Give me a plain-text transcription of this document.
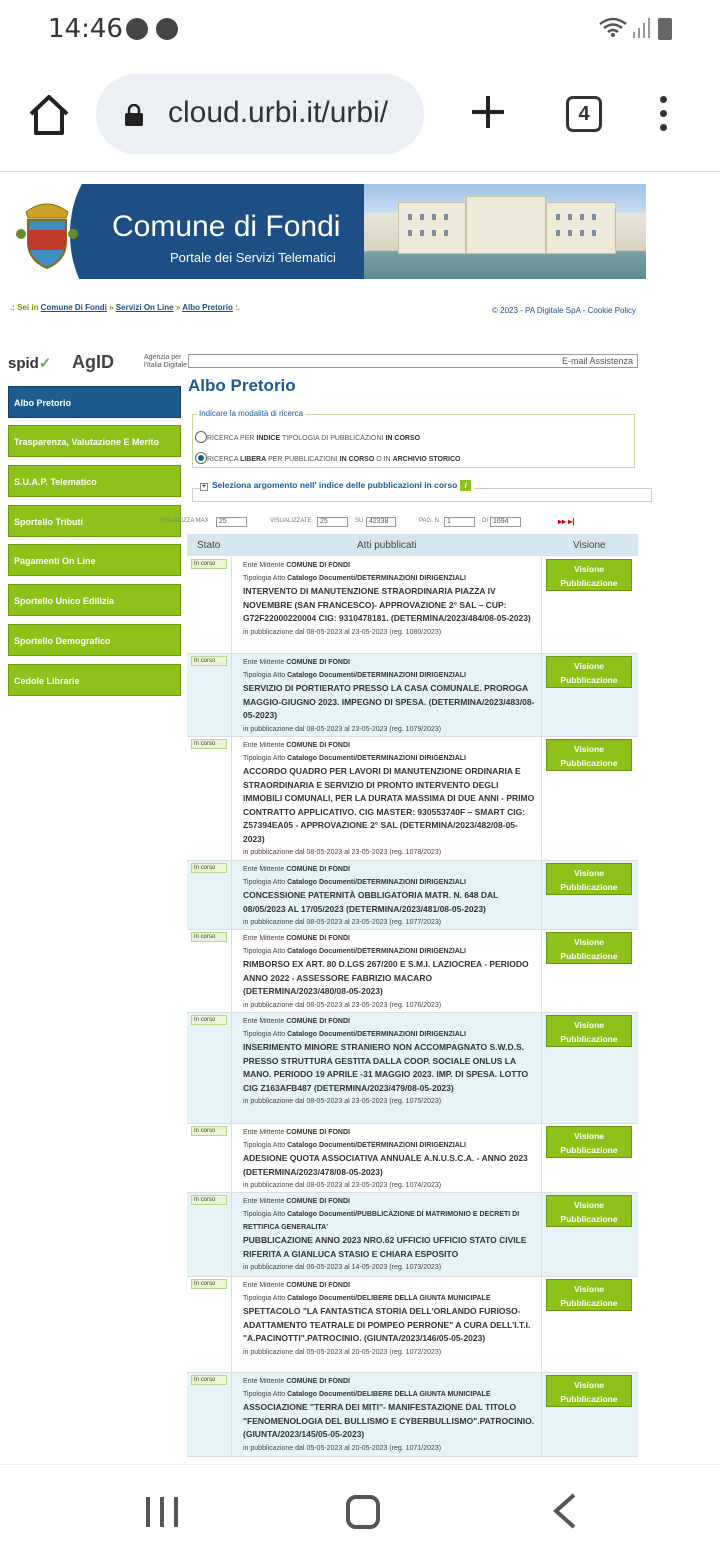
14:46
cloud.urbi.it/urbi/	4
Comune di Fondi
Portale dei Servizi Telematici
.: Sei in Comune Di Fondi » Servizi On Line » Albo Pretorio :.	© 2023 - PA Digitale SpA - Cookie Policy
spid✓ AgID	Agenzia per l'Italia Digitale	E-mail Assistenza
Albo Pretorio
Trasparenza, Valutazione E Merito
S.U.A.P. Telematico
Sportello Tributi
Pagamenti On Line
Sportello Unico Edilizia
Sportello Demografico
Cedole Librarie
Albo Pretorio
Indicare la modalità di ricerca
RICERCA PER INDICE TIPOLOGIA DI PUBBLICAZIONI IN CORSO
RICERCA LIBERA PER PUBBLICAZIONI IN CORSO O IN ARCHIVIO STORICO
+ Seleziona argomento nell' indice delle pubblicazioni in corso i
VISUALIZZA MAX	25	VISUALIZZATE	25	SU 42338	PAG. N. 1	DI 1694	▸▸ ▸|
Stato	Atti pubblicati	Visione
In corso	Ente Mittente COMUNE DI FONDI
Tipologia Atto Catalogo Documenti/DETERMINAZIONI DIRIGENZIALI
INTERVENTO DI MANUTENZIONE STRAORDINARIA PIAZZA IV NOVEMBRE (SAN FRANCESCO)- APPROVAZIONE 2° SAL – CUP: G72F22000220004 CIG: 9310478181. (DETERMINA/2023/484/08-05-2023)
in pubblicazione dal 08-05-2023 al 23-05-2023 (reg. 1080/2023)
Visione
Pubblicazione
In corso	Ente Mittente COMUNE DI FONDI
Tipologia Atto Catalogo Documenti/DETERMINAZIONI DIRIGENZIALI
SERVIZIO DI PORTIERATO PRESSO LA CASA COMUNALE. PROROGA MAGGIO-GIUGNO 2023. IMPEGNO DI SPESA. (DETERMINA/2023/483/08-05-2023)
in pubblicazione dal 08-05-2023 al 23-05-2023 (reg. 1079/2023)
Visione
Pubblicazione
In corso	Ente Mittente COMUNE DI FONDI
Tipologia Atto Catalogo Documenti/DETERMINAZIONI DIRIGENZIALI
ACCORDO QUADRO PER LAVORI DI MANUTENZIONE ORDINARIA E STRAORDINARIA E SERVIZIO DI PRONTO INTERVENTO DEGLI IMMOBILI COMUNALI, PER LA DURATA MASSIMA DI DUE ANNI - PRIMO CONTRATTO APPLICATIVO. CIG MASTER: 930553740F – SMART CIG: Z57394EA05 - APPROVAZIONE 2° SAL (DETERMINA/2023/482/08-05-2023)
in pubblicazione dal 08-05-2023 al 23-05-2023 (reg. 1078/2023)
Visione
Pubblicazione
In corso	Ente Mittente COMUNE DI FONDI
Tipologia Atto Catalogo Documenti/DETERMINAZIONI DIRIGENZIALI
CONCESSIONE PATERNITÀ OBBLIGATORIA MATR. N. 648 DAL 08/05/2023 AL 17/05/2023 (DETERMINA/2023/481/08-05-2023)
in pubblicazione dal 08-05-2023 al 23-05-2023 (reg. 1077/2023)
Visione
Pubblicazione
In corso	Ente Mittente COMUNE DI FONDI
Tipologia Atto Catalogo Documenti/DETERMINAZIONI DIRIGENZIALI
RIMBORSO EX ART. 80 D.LGS 267/200 E S.M.I. LAZIOCREA - PERIODO ANNO 2022 - ASSESSORE FABRIZIO MACARO (DETERMINA/2023/480/08-05-2023)
in pubblicazione dal 08-05-2023 al 23-05-2023 (reg. 1076/2023)
Visione
Pubblicazione
In corso	Ente Mittente COMUNE DI FONDI
Tipologia Atto Catalogo Documenti/DETERMINAZIONI DIRIGENZIALI
INSERIMENTO MINORE STRANIERO NON ACCOMPAGNATO S.W.D.S. PRESSO STRUTTURA GESTITA DALLA COOP. SOCIALE ONLUS LA MANO. PERIODO 19 APRILE -31 MAGGIO 2023. IMP. DI SPESA. LOTTO CIG Z163AFB487 (DETERMINA/2023/479/08-05-2023)
in pubblicazione dal 08-05-2023 al 23-05-2023 (reg. 1075/2023)
Visione
Pubblicazione
In corso	Ente Mittente COMUNE DI FONDI
Tipologia Atto Catalogo Documenti/DETERMINAZIONI DIRIGENZIALI
ADESIONE QUOTA ASSOCIATIVA ANNUALE A.N.U.S.C.A. - ANNO 2023 (DETERMINA/2023/478/08-05-2023)
in pubblicazione dal 08-05-2023 al 23-05-2023 (reg. 1074/2023)
Visione
Pubblicazione
In corso	Ente Mittente COMUNE DI FONDI
Tipologia Atto Catalogo Documenti/PUBBLICAZIONE DI MATRIMONIO E DECRETI DI RETTIFICA GENERALITA'
PUBBLICAZIONE ANNO 2023 NRO.62 UFFICIO UFFICIO STATO CIVILE RIFERITA A GIANLUCA STASIO E CHIARA ESPOSITO
in pubblicazione dal 06-05-2023 al 14-05-2023 (reg. 1073/2023)
Visione
Pubblicazione
In corso	Ente Mittente COMUNE DI FONDI
Tipologia Atto Catalogo Documenti/DELIBERE DELLA GIUNTA MUNICIPALE
SPETTACOLO "LA FANTASTICA STORIA DELL'ORLANDO FURIOSO-ADATTAMENTO TEATRALE DI POMPEO PERRONE" A CURA DELL'I.T.I. "A.PACINOTTI".PATROCINIO. (GIUNTA/2023/146/05-05-2023)
in pubblicazione dal 05-05-2023 al 20-05-2023 (reg. 1072/2023)
Visione
Pubblicazione
In corso	Ente Mittente COMUNE DI FONDI
Tipologia Atto Catalogo Documenti/DELIBERE DELLA GIUNTA MUNICIPALE
ASSOCIAZIONE "TERRA DEI MITI"- MANIFESTAZIONE DAL TITOLO "FENOMENOLOGIA DEL BULLISMO E CYBERBULLISMO".PATROCINIO. (GIUNTA/2023/145/05-05-2023)
in pubblicazione dal 05-05-2023 al 20-05-2023 (reg. 1071/2023)
Visione
Pubblicazione
